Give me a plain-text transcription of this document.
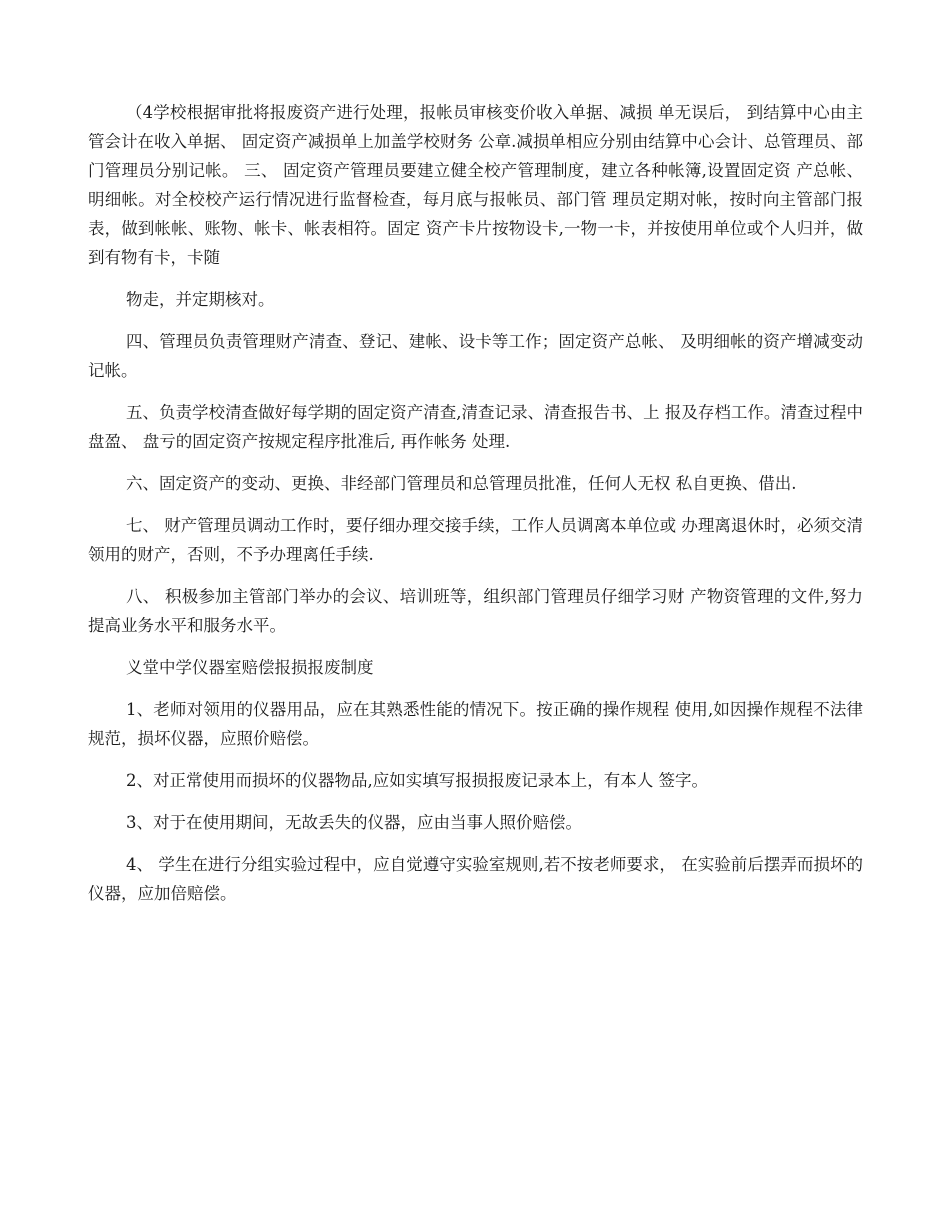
（4学校根据审批将报废资产进行处理，报帐员审核变价收入单据、减损 单无误后， 到结算中心由主管会计在收入单据、 固定资产减损单上加盖学校财务 公章.减损单相应分别由结算中心会计、总管理员、部门管理员分别记帐。 三、 固定资产管理员要建立健全校产管理制度，建立各种帐簿,设置固定资 产总帐、明细帐。对全校校产运行情况进行监督检查，每月底与报帐员、部门管 理员定期对帐，按时向主管部门报表，做到帐帐、账物、帐卡、帐表相符。固定 资产卡片按物设卡,一物一卡，并按使用单位或个人归并，做到有物有卡，卡随

物走，并定期核对。

四、管理员负责管理财产清查、登记、建帐、设卡等工作；固定资产总帐、 及明细帐的资产增减变动记帐。

五、负责学校清查做好每学期的固定资产清查,清查记录、清查报告书、上 报及存档工作。清查过程中盘盈、 盘亏的固定资产按规定程序批准后, 再作帐务 处理.

六、固定资产的变动、更换、非经部门管理员和总管理员批准，任何人无权 私自更换、借出.

七、 财产管理员调动工作时，要仔细办理交接手续，工作人员调离本单位或 办理离退休时，必须交清领用的财产，否则，不予办理离任手续.

八、 积极参加主管部门举办的会议、培训班等，组织部门管理员仔细学习财 产物资管理的文件,努力提高业务水平和服务水平。

义堂中学仪器室赔偿报损报废制度

1、老师对领用的仪器用品，应在其熟悉性能的情况下。按正确的操作规程 使用,如因操作规程不法律规范，损坏仪器，应照价赔偿。

2、对正常使用而损坏的仪器物品,应如实填写报损报废记录本上，有本人 签字。

3、对于在使用期间，无故丢失的仪器，应由当事人照价赔偿。

4、 学生在进行分组实验过程中，应自觉遵守实验室规则,若不按老师要求， 在实验前后摆弄而损坏的仪器，应加倍赔偿。
